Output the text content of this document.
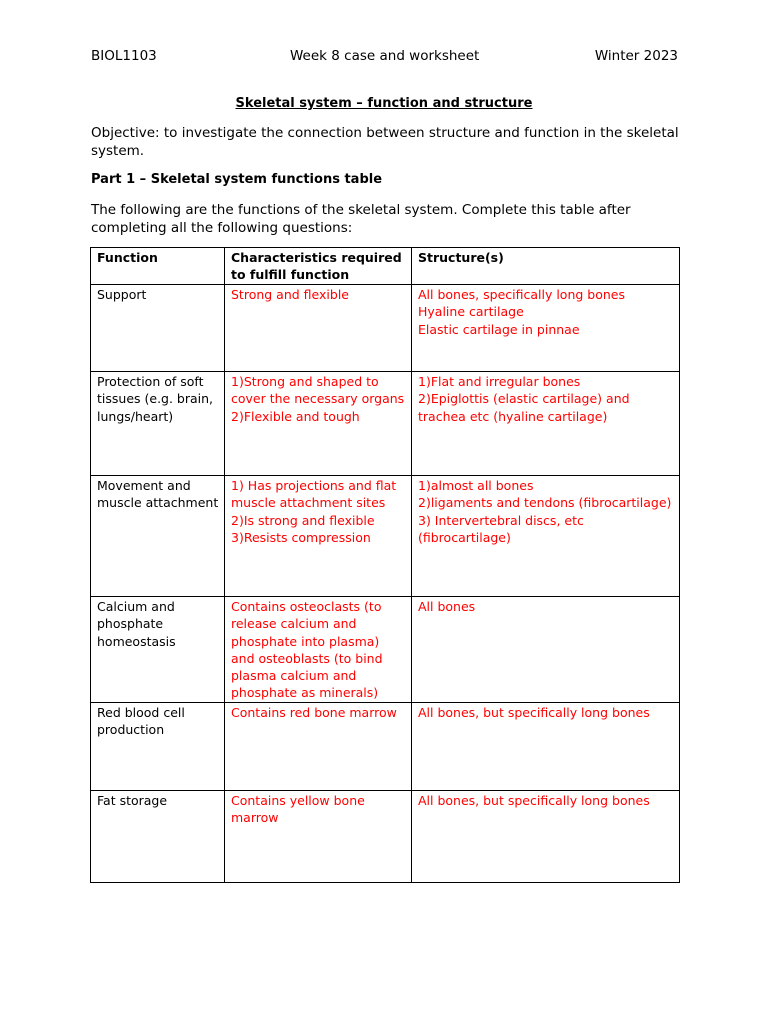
BIOL1103	Week 8 case and worksheet	Winter 2023
Skeletal system – function and structure
Objective: to investigate the connection between structure and function in the skeletal system.
Part 1 – Skeletal system functions table
The following are the functions of the skeletal system. Complete this table after completing all the following questions:
Function	Characteristics required to fulfill function	Structure(s)

Support	Strong and flexible	All bones, specifically long bones
Hyaline cartilage
Elastic cartilage in pinnae

Protection of soft tissues (e.g. brain, lungs/heart)	1)Strong and shaped to cover the necessary organs
2)Flexible and tough	1)Flat and irregular bones
2)Epiglottis (elastic cartilage) and trachea etc (hyaline cartilage)

Movement and muscle attachment	1) Has projections and flat muscle attachment sites
2)Is strong and flexible
3)Resists compression	1)almost all bones
2)ligaments and tendons (fibrocartilage)
3) Intervertebral discs, etc (fibrocartilage)

Calcium and phosphate homeostasis	Contains osteoclasts (to release calcium and phosphate into plasma) and osteoblasts (to bind plasma calcium and phosphate as minerals)	All bones

Red blood cell production	Contains red bone marrow	All bones, but specifically long bones

Fat storage	Contains yellow bone marrow	All bones, but specifically long bones
